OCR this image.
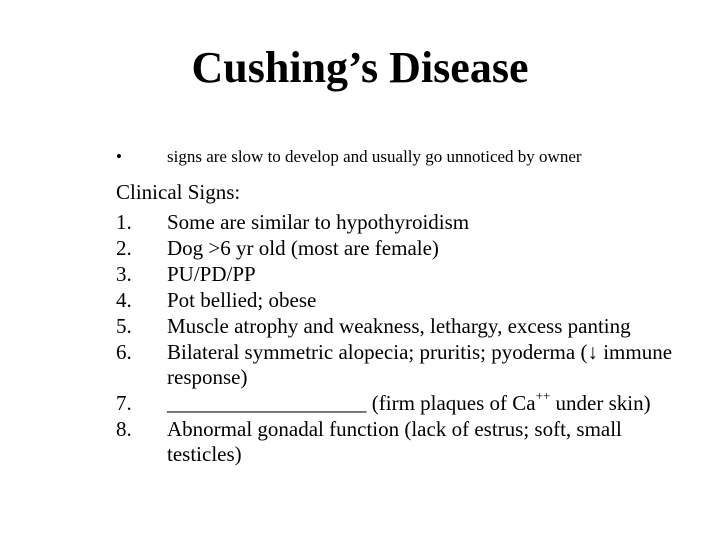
Cushing’s Disease
•	signs are slow to develop and usually go unnoticed by owner
Clinical Signs:
1. Some are similar to hypothyroidism
2. Dog >6 yr old (most are female)
3. PU/PD/PP
4. Pot bellied; obese
5. Muscle atrophy and weakness, lethargy, excess panting
6. Bilateral symmetric alopecia; pruritis; pyoderma (↓ immune response)
7. ___________________ (firm plaques of Ca++ under skin)
8. Abnormal gonadal function (lack of estrus; soft, small testicles)
